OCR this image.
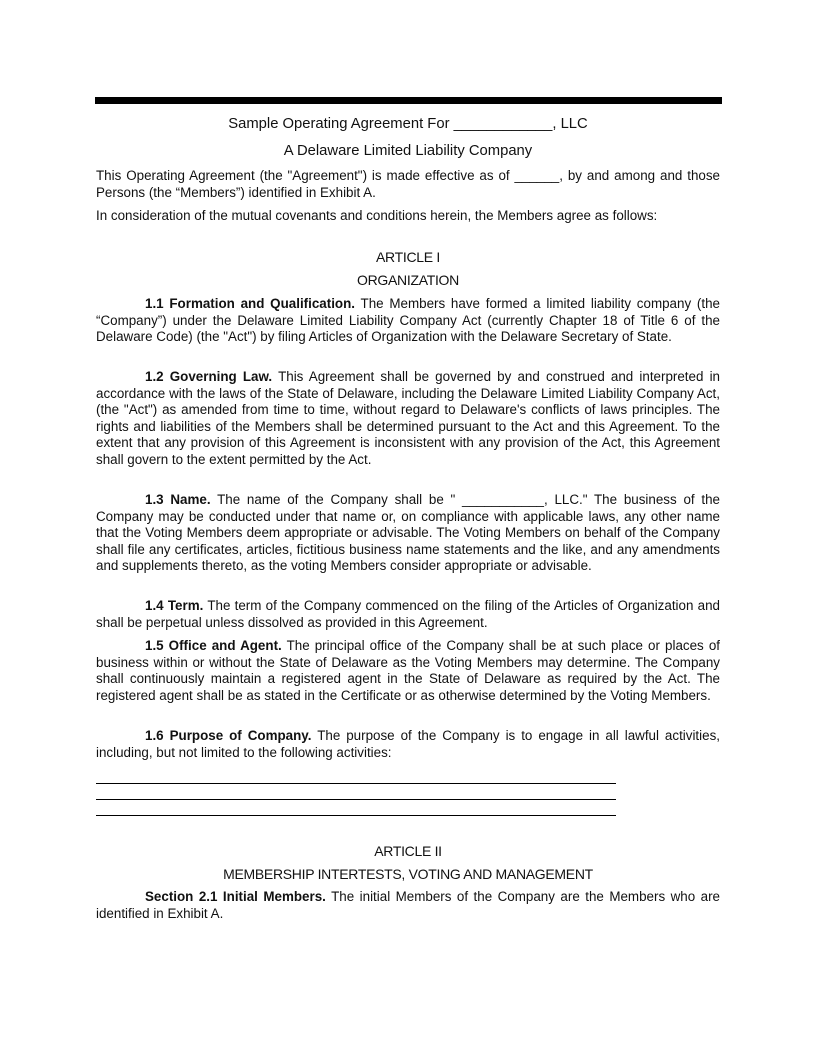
Sample Operating Agreement For ____________, LLC
A Delaware Limited Liability Company

This Operating Agreement (the "Agreement") is made effective as of ______, by and among and those Persons (the “Members”) identified in Exhibit A.

In consideration of the mutual covenants and conditions herein, the Members agree as follows:

ARTICLE I
ORGANIZATION

1.1 Formation and Qualification. The Members have formed a limited liability company (the “Company”) under the Delaware Limited Liability Company Act (currently Chapter 18 of Title 6 of the Delaware Code) (the "Act") by filing Articles of Organization with the Delaware Secretary of State.

1.2 Governing Law. This Agreement shall be governed by and construed and interpreted in accordance with the laws of the State of Delaware, including the Delaware Limited Liability Company Act, (the "Act") as amended from time to time, without regard to Delaware's conflicts of laws principles. The rights and liabilities of the Members shall be determined pursuant to the Act and this Agreement. To the extent that any provision of this Agreement is inconsistent with any provision of the Act, this Agreement shall govern to the extent permitted by the Act.

1.3 Name. The name of the Company shall be " ___________, LLC." The business of the Company may be conducted under that name or, on compliance with applicable laws, any other name that the Voting Members deem appropriate or advisable. The Voting Members on behalf of the Company shall file any certificates, articles, fictitious business name statements and the like, and any amendments and supplements thereto, as the voting Members consider appropriate or advisable.

1.4 Term. The term of the Company commenced on the filing of the Articles of Organization and shall be perpetual unless dissolved as provided in this Agreement.

1.5 Office and Agent. The principal office of the Company shall be at such place or places of business within or without the State of Delaware as the Voting Members may determine. The Company shall continuously maintain a registered agent in the State of Delaware as required by the Act. The registered agent shall be as stated in the Certificate or as otherwise determined by the Voting Members.

1.6 Purpose of Company. The purpose of the Company is to engage in all lawful activities, including, but not limited to the following activities:

ARTICLE II
MEMBERSHIP INTERTESTS, VOTING AND MANAGEMENT

Section 2.1 Initial Members. The initial Members of the Company are the Members who are identified in Exhibit A.
